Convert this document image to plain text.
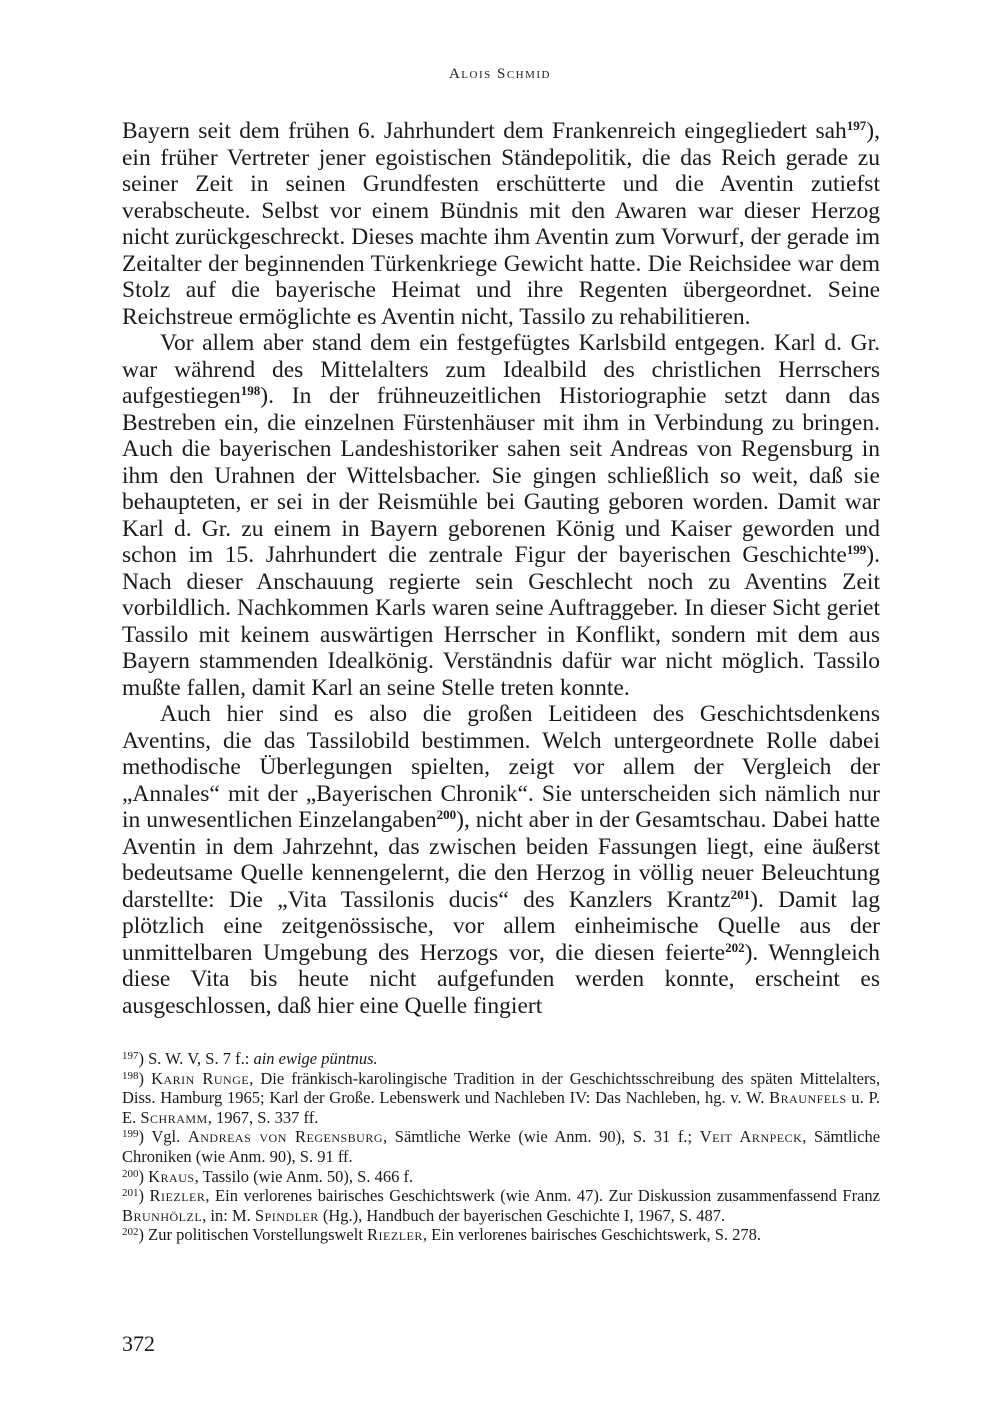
Alois Schmid

Bayern seit dem frühen 6. Jahrhundert dem Frankenreich eingegliedert sah$^{197}$), ein früher Vertreter jener egoistischen Ständepolitik, die das Reich gerade zu seiner Zeit in seinen Grundfesten erschütterte und die Aventin zutiefst verabscheute. Selbst vor einem Bündnis mit den Awaren war dieser Herzog nicht zurückgeschreckt. Dieses machte ihm Aventin zum Vorwurf, der gerade im Zeitalter der beginnenden Türkenkriege Gewicht hatte. Die Reichsidee war dem Stolz auf die bayerische Heimat und ihre Regenten übergeordnet. Seine Reichstreue ermöglichte es Aventin nicht, Tassilo zu rehabilitieren.

Vor allem aber stand dem ein festgefügtes Karlsbild entgegen. Karl d. Gr. war während des Mittelalters zum Idealbild des christlichen Herrschers aufgestiegen$^{198}$). In der frühneuzeitlichen Historiographie setzt dann das Bestreben ein, die einzelnen Fürstenhäuser mit ihm in Verbindung zu bringen. Auch die bayerischen Landeshistoriker sahen seit Andreas von Regensburg in ihm den Urahnen der Wittelsbacher. Sie gingen schließlich so weit, daß sie behaupteten, er sei in der Reismühle bei Gauting geboren worden. Damit war Karl d. Gr. zu einem in Bayern geborenen König und Kaiser geworden und schon im 15. Jahrhundert die zentrale Figur der bayerischen Geschichte$^{199}$). Nach dieser Anschauung regierte sein Geschlecht noch zu Aventins Zeit vorbildlich. Nachkommen Karls waren seine Auftraggeber. In dieser Sicht geriet Tassilo mit keinem auswärtigen Herrscher in Konflikt, sondern mit dem aus Bayern stammenden Idealkönig. Verständnis dafür war nicht möglich. Tassilo mußte fallen, damit Karl an seine Stelle treten konnte.

Auch hier sind es also die großen Leitideen des Geschichtsdenkens Aventins, die das Tassilobild bestimmen. Welch untergeordnete Rolle dabei methodische Überlegungen spielten, zeigt vor allem der Vergleich der „Annales“ mit der „Bayerischen Chronik“. Sie unterscheiden sich nämlich nur in unwesentlichen Einzelangaben$^{200}$), nicht aber in der Gesamtschau. Dabei hatte Aventin in dem Jahrzehnt, das zwischen beiden Fassungen liegt, eine äußerst bedeutsame Quelle kennengelernt, die den Herzog in völlig neuer Beleuchtung darstellte: Die „Vita Tassilonis ducis“ des Kanzlers Krantz$^{201}$). Damit lag plötzlich eine zeitgenössische, vor allem einheimische Quelle aus der unmittelbaren Umgebung des Herzogs vor, die diesen feierte$^{202}$). Wenngleich diese Vita bis heute nicht aufgefunden werden konnte, erscheint es ausgeschlossen, daß hier eine Quelle fingiert

$^{197}$) S. W. V, S. 7 f.: ain ewige püntnus.

$^{198}$) Karin Runge, Die fränkisch-karolingische Tradition in der Geschichtsschreibung des späten Mittelalters, Diss. Hamburg 1965; Karl der Große. Lebenswerk und Nachleben IV: Das Nachleben, hg. v. W. Braunfels u. P. E. Schramm, 1967, S. 337 ff.

$^{199}$) Vgl. Andreas von Regensburg, Sämtliche Werke (wie Anm. 90), S. 31 f.; Veit Arnpeck, Sämtliche Chroniken (wie Anm. 90), S. 91 ff.

$^{200}$) Kraus, Tassilo (wie Anm. 50), S. 466 f.

$^{201}$) Riezler, Ein verlorenes bairisches Geschichtswerk (wie Anm. 47). Zur Diskussion zusammenfassend Franz Brunhölzl, in: M. Spindler (Hg.), Handbuch der bayerischen Geschichte I, 1967, S. 487.

$^{202}$) Zur politischen Vorstellungswelt Riezler, Ein verlorenes bairisches Geschichtswerk, S. 278.

372
